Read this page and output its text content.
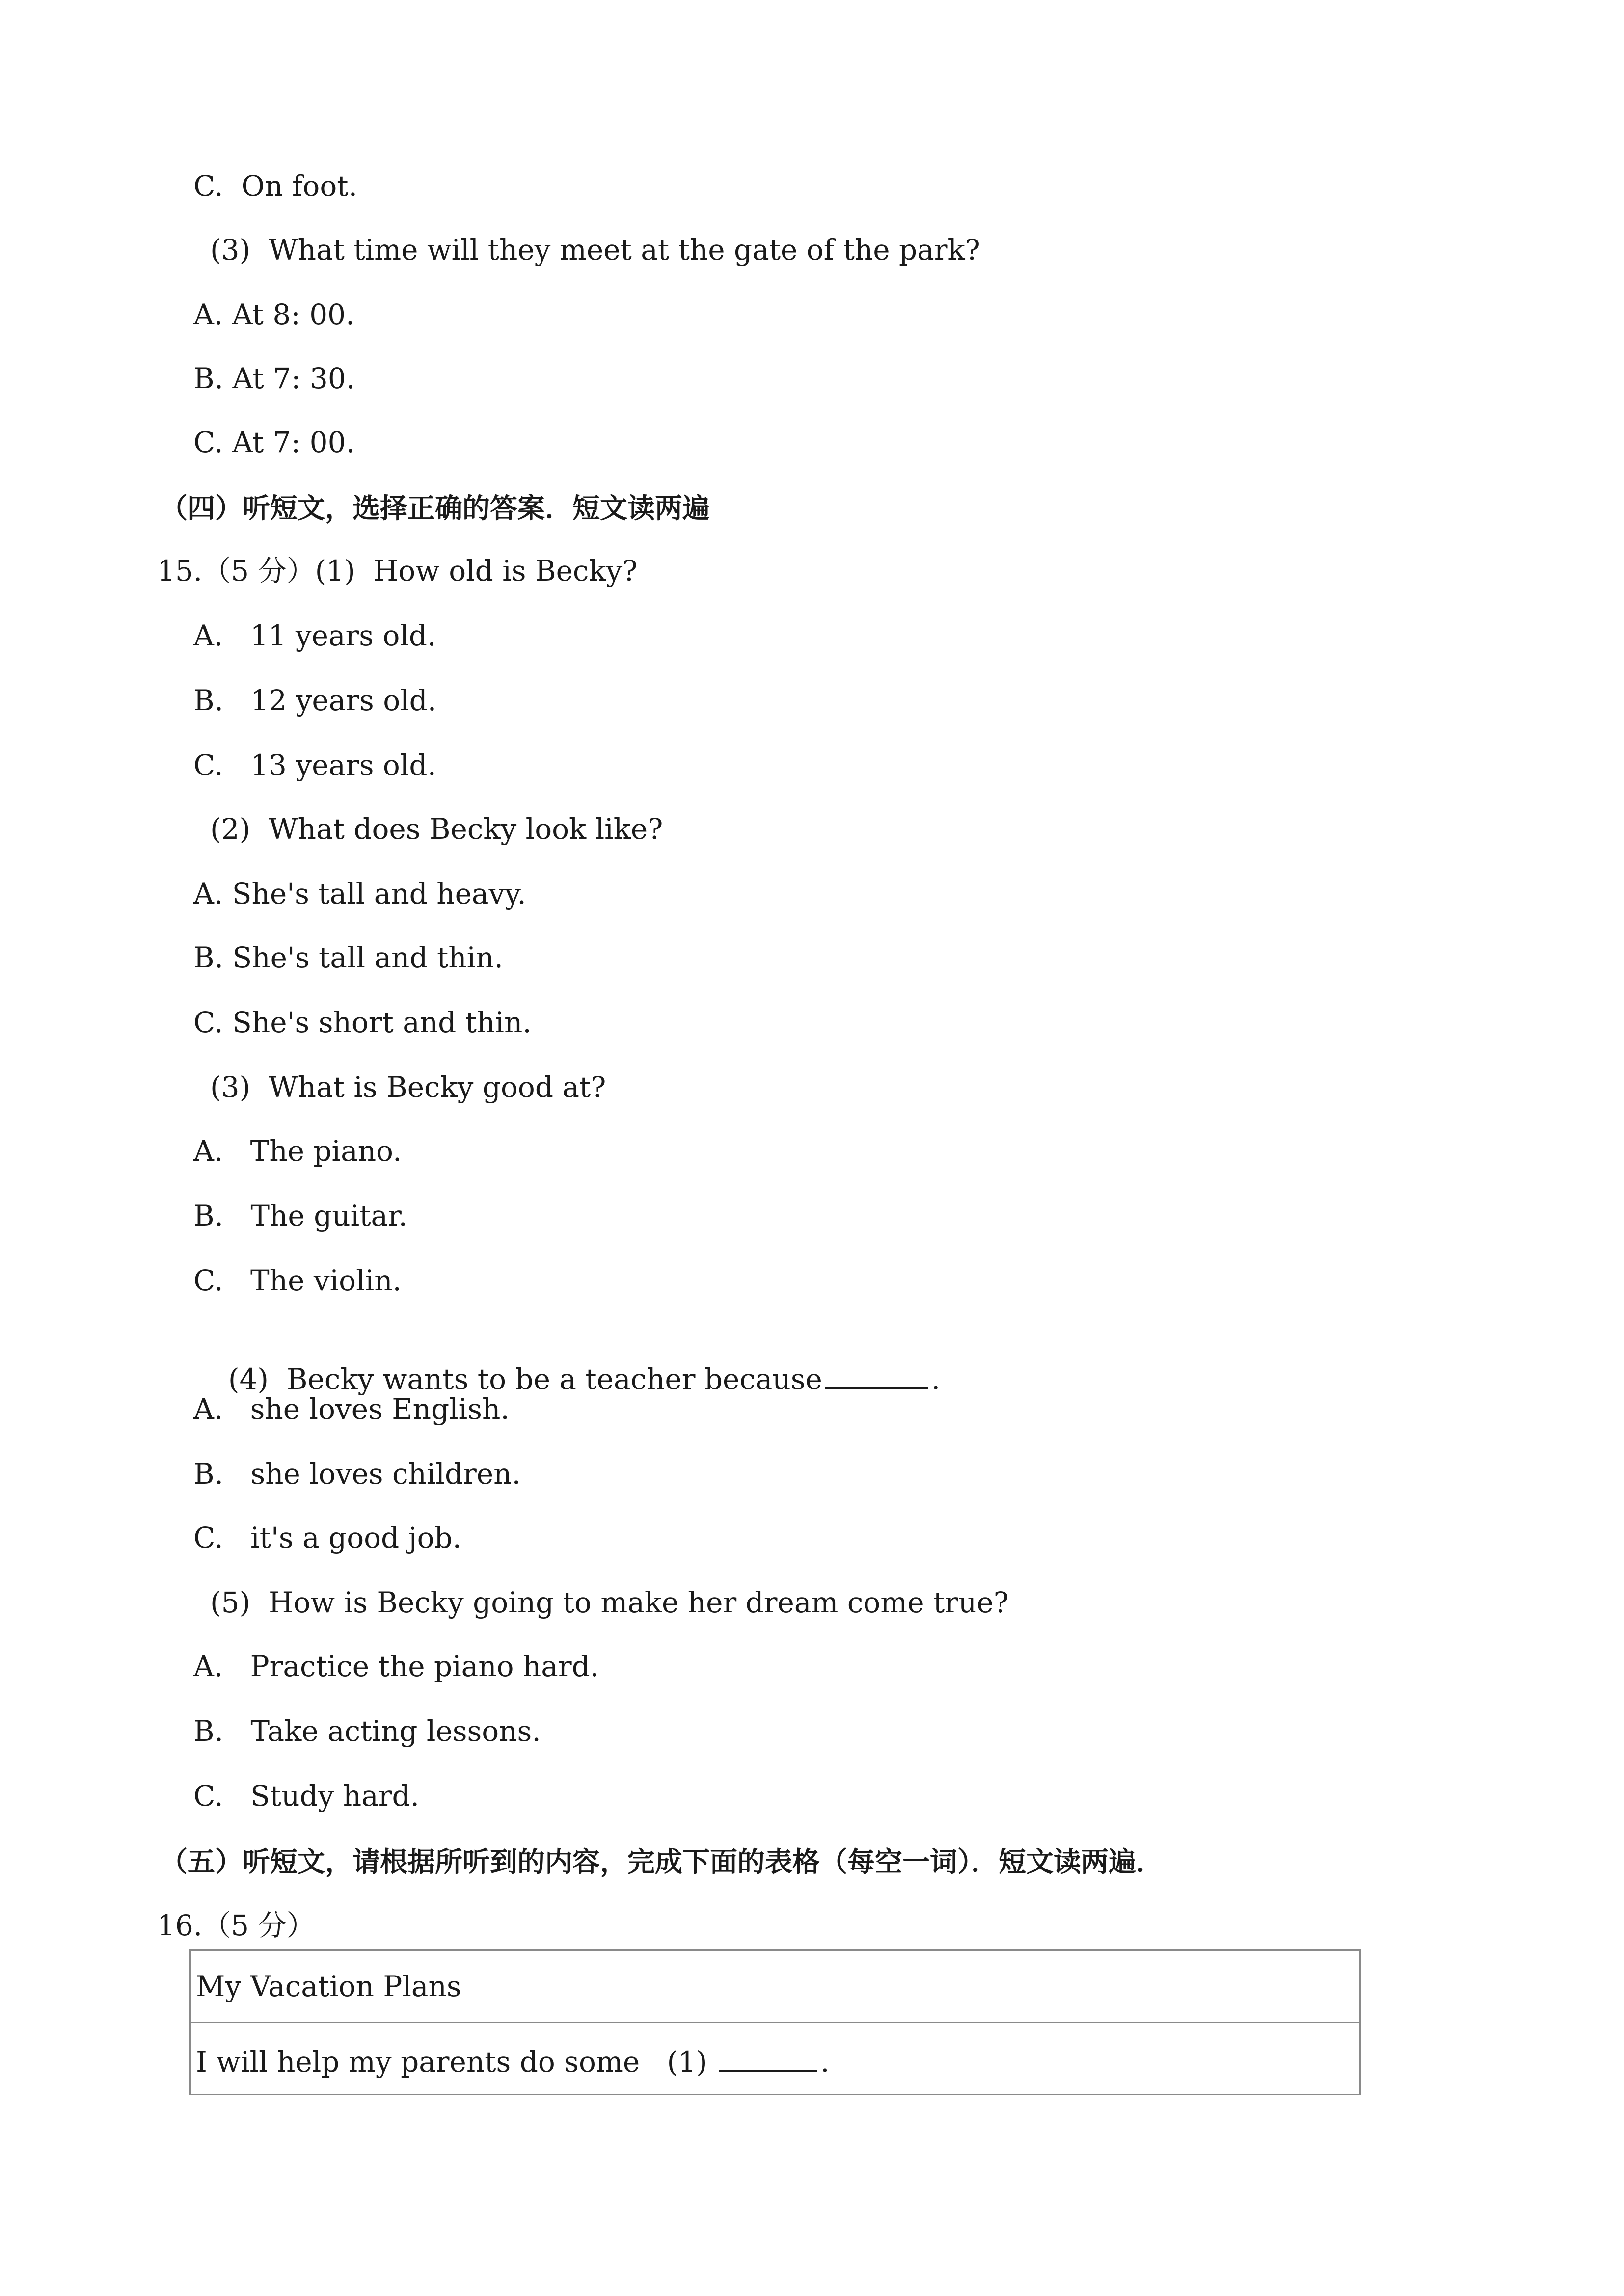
C.  On foot.
(3)  What time will they meet at the gate of the park?
A. At 8: 00.
B. At 7: 30.
C. At 7: 00.
（四）听短文，选择正确的答案．短文读两遍
15.（5 分）(1)  How old is Becky?
A.   11 years old.
B.   12 years old.
C.   13 years old.
(2)  What does Becky look like?
A. She's tall and heavy.
B. She's tall and thin.
C. She's short and thin.
(3)  What is Becky good at?
A.   The piano.
B.   The guitar.
C.   The violin.

(4)  Becky wants to be a teacher because	.

A.   she loves English.
B.   she loves children.
C.   it's a good job.
(5)  How is Becky going to make her dream come true?
A.   Practice the piano hard.
B.   Take acting lessons.
C.   Study hard.
（五）听短文，请根据所听到的内容，完成下面的表格（每空一词）．短文读两遍．
16.（5 分）
My Vacation Plans
I will help my parents do some   (1)	.
